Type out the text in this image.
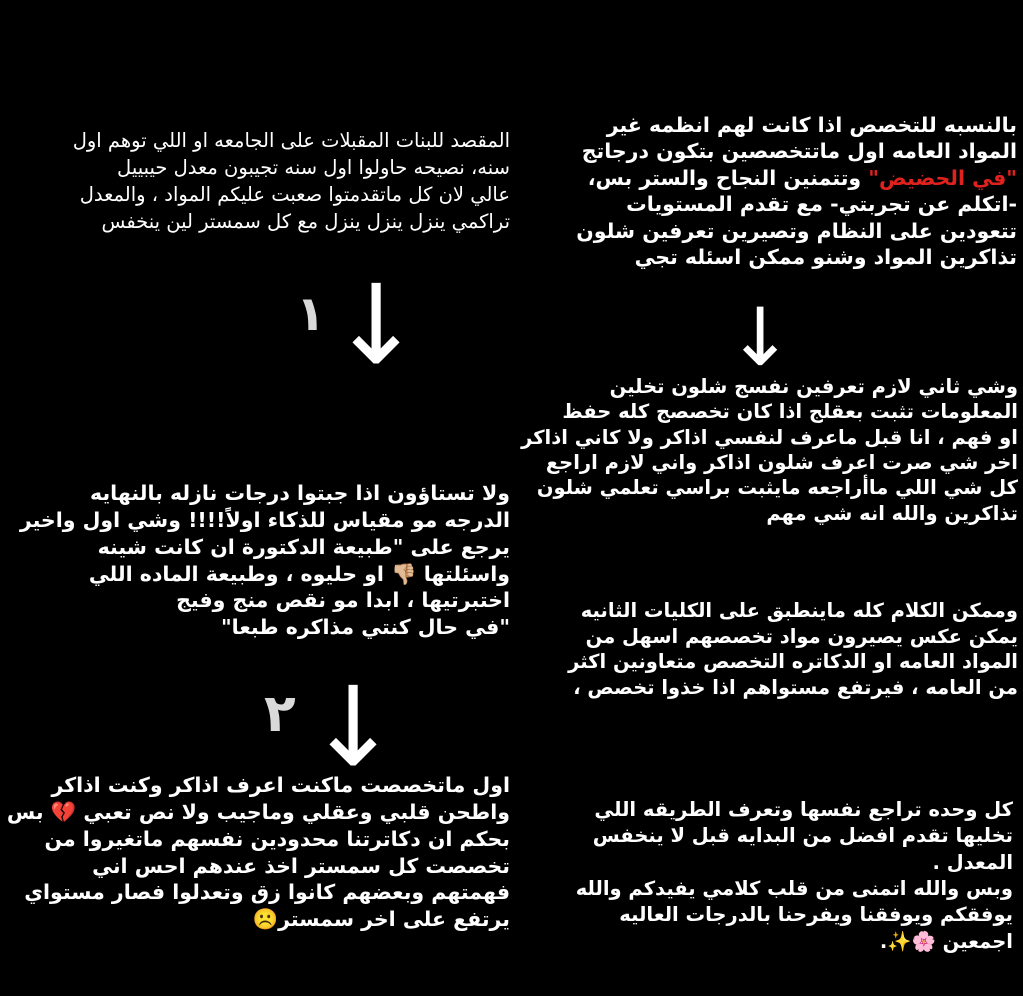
المقصد للبنات المقبلات على الجامعه او اللي توهم اول
سنه، نصيحه حاولوا اول سنه تجيبون معدل حيبييل
عالي لان كل ماتقدمتوا صعبت عليكم المواد ، والمعدل
تراكمي ينزل ينزل ينزل مع كل سمستر لين ينخفس
١ ↓
ولا تستاؤون اذا جبتوا درجات نازله بالنهايه
الدرجه مو مقياس للذكاء اولاً!!!! وشي اول واخير
يرجع على "طبيعة الدكتورة ان كانت شينه
واسئلتها 👎🏼 او حليوه ، وطبيعة الماده اللي
اختبرتيها ، ابدا مو نقص منج وفيج
"في حال كنتي مذاكره طبعا"
٢ ↓
اول ماتخصصت ماكنت اعرف اذاكر وكنت اذاكر
واطحن قلبي وعقلي وماجيب ولا نص تعبي 💔 بس
بحكم ان دكاترتنا محدودين نفسهم ماتغيروا من
تخصصت كل سمستر اخذ عندهم احس اني
فهمتهم وبعضهم كانوا زق وتعدلوا فصار مستواي
يرتفع على اخر سمستر☹️
بالنسبه للتخصص اذا كانت لهم انظمه غير
المواد العامه اول ماتتخصصين بتكون درجاتج
"في الحضيض" وتتمنين النجاح والستر بس،
-اتكلم عن تجربتي- مع تقدم المستويات
تتعودين على النظام وتصيرين تعرفين شلون
تذاكرين المواد وشنو ممكن اسئله تجي
↓
وشي ثاني لازم تعرفين نفسج شلون تخلين
المعلومات تثبت بعقلج اذا كان تخصصج كله حفظ
او فهم ، انا قبل ماعرف لنفسي اذاكر ولا كاني اذاكر
اخر شي صرت اعرف شلون اذاكر واني لازم اراجع
كل شي اللي ماأراجعه مايثبت براسي تعلمي شلون
تذاكرين والله انه شي مهم
وممكن الكلام كله ماينطبق على الكليات الثانيه
يمكن عكس يصيرون مواد تخصصهم اسهل من
المواد العامه او الدكاتره التخصص متعاونين اكثر
من العامه ، فيرتفع مستواهم اذا خذوا تخصص ،
كل وحده تراجع نفسها وتعرف الطريقه اللي
تخليها تقدم افضل من البدايه قبل لا ينخفس
المعدل .
وبس والله اتمنى من قلب كلامي يفيدكم والله
يوفقكم ويوفقنا ويفرحنا بالدرجات العاليه
اجمعين 🌸✨.
